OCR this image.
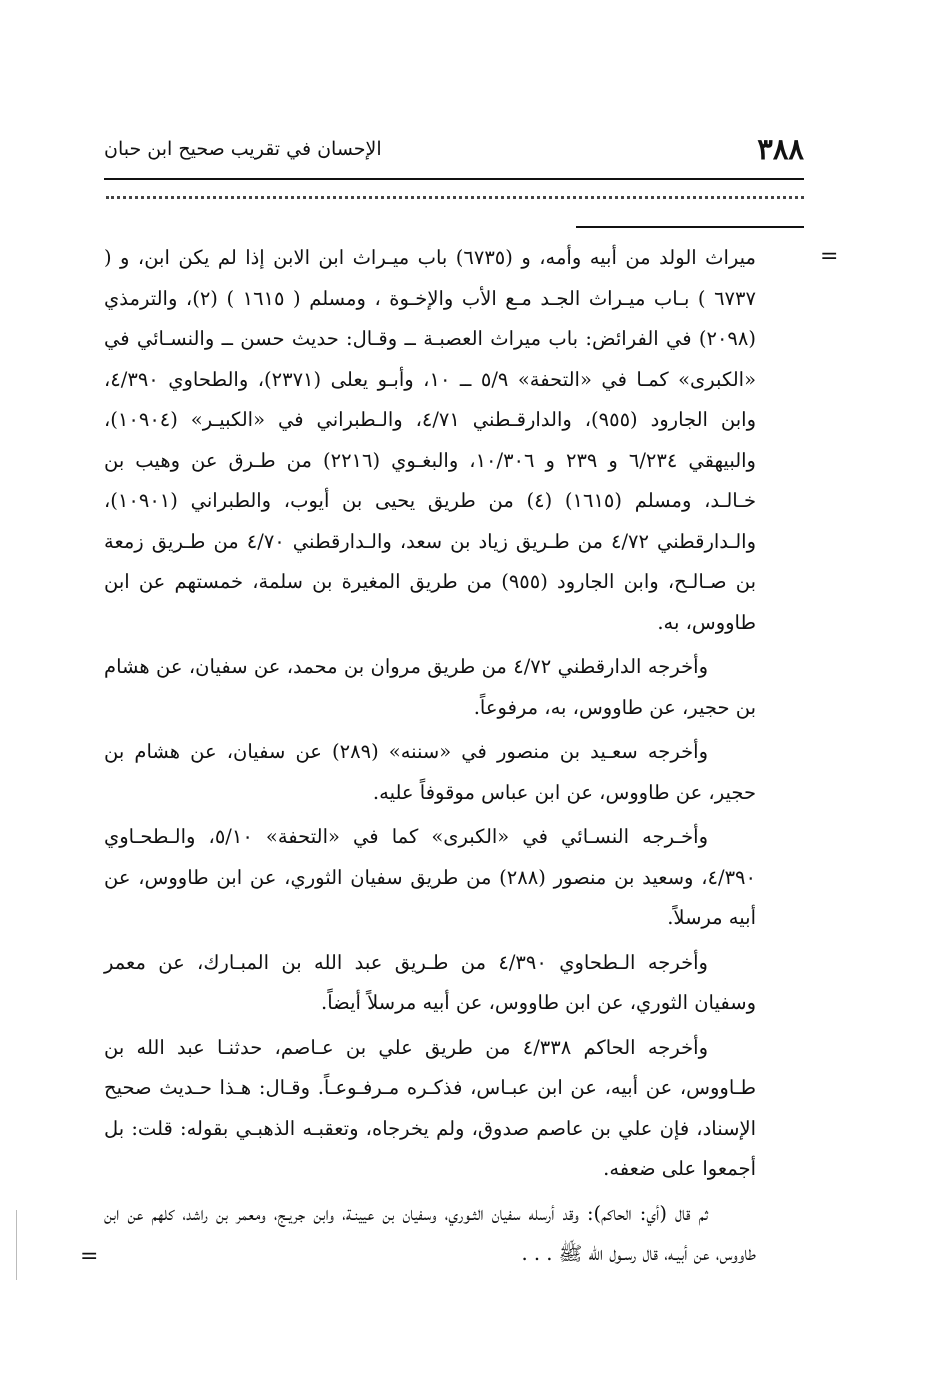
٣٨٨
الإحسان في تقريب صحيح ابن حبان
=
=

ميراث الولد من أبيه وأمه، و (٦٧٣٥) باب ميـراث ابن الابن إذا لم يكن ابن، و ( ٦٧٣٧ ) بـاب ميـراث الجـد مـع الأب والإخـوة ، ومسلم ( ١٦١٥ ) (٢)، والترمذي (٢٠٩٨) في الفرائض: باب ميراث العصبـة ــ وقـال: حديث حسن ــ والنسـائي في «الكبرى» كمـا في «التحفة» ٥/٩ ــ ١٠، وأبـو يعلى (٢٣٧١)، والطحاوي ٤/٣٩٠، وابن الجارود (٩٥٥)، والدارقـطني ٤/٧١، والـطبراني في «الكبيـر» (١٠٩٠٤)، والبيهقي ٦/٢٣٤ و ٢٣٩ و ١٠/٣٠٦، والبغـوي (٢٢١٦) من طـرق عن وهيب بن خـالـد، ومسلم (١٦١٥) (٤) من طريق يحيى بن أيوب، والطبراني (١٠٩٠١)، والـدارقطني ٤/٧٢ من طـريق زياد بن سعد، والـدارقطني ٤/٧٠ من طـريق زمعة بن صـالـح، وابن الجارود (٩٥٥) من طريق المغيرة بن سلمة، خمستهم عن ابن طاووس، به.

وأخرجه الدارقطني ٤/٧٢ من طريق مروان بن محمد، عن سفيان، عن هشام بن حجير، عن طاووس، به، مرفوعاً.

وأخرجه سعـيد بن منصور في «سننه» (٢٨٩) عن سفيان، عن هشام بن حجير، عن طاووس، عن ابن عباس موقوفاً عليه.

وأخـرجه النسـائي في «الكبرى» كما في «التحفة» ٥/١٠، والـطحـاوي ٤/٣٩٠، وسعيد بن منصور (٢٨٨) من طريق سفيان الثوري، عن ابن طاووس، عن أبيه مرسلاً.

وأخرجه الـطحاوي ٤/٣٩٠ من طـريق عبد الله بن المبـارك، عن معمر وسفيان الثوري، عن ابن طاووس، عن أبيه مرسلاً أيضاً.

وأخرجه الحاكم ٤/٣٣٨ من طريق علي بن عـاصم، حدثنـا عبد الله بن طـاووس، عن أبيه، عن ابن عبـاس، فذكـره مـرفـوعـاً. وقـال: هـذا حـديث صحيح الإسناد، فإن علي بن عاصم صدوق، ولم يخرجاه، وتعقبـه الذهبـي بقوله: قلت: بل أجمعوا على ضعفه.

ثم قال (أي: الحاكم): وقد أرسله سفيان الثـوري، وسفيان بن عيينـة، وابن جريـج، ومعمر بن راشد، كلهم عن ابن طاووس، عن أبيـه، قال رسـول الله ﷺ . . .
